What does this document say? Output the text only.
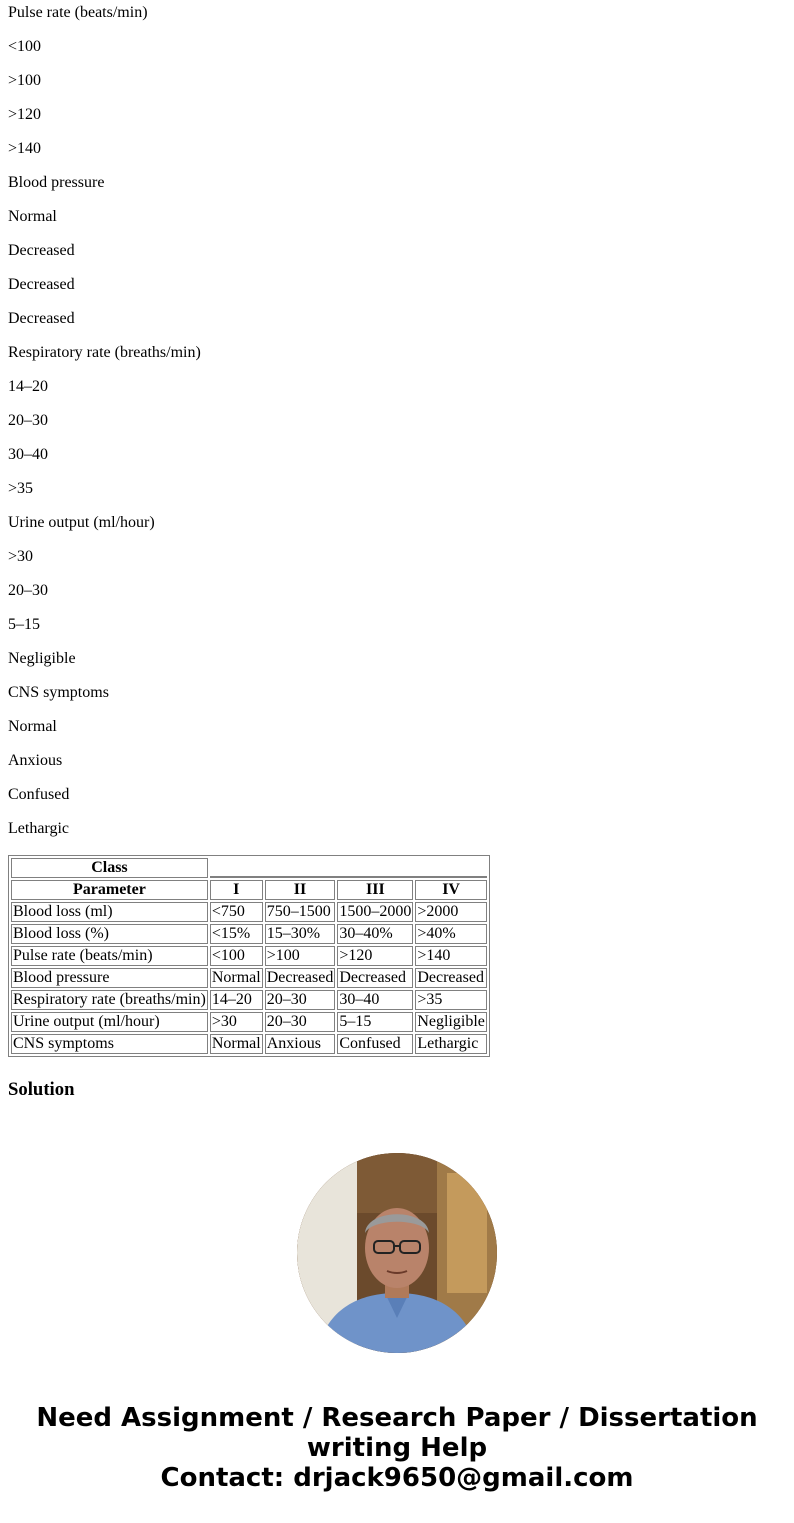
Pulse rate (beats/min)

<100

>100

>120

>140

Blood pressure

Normal

Decreased

Decreased

Decreased

Respiratory rate (breaths/min)

14–20

20–30

30–40

>35

Urine output (ml/hour)

>30

20–30

5–15

Negligible

CNS symptoms

Normal

Anxious

Confused

Lethargic

Class				
Parameter	I	II	III	IV
Blood loss (ml)	<750	750–1500	1500–2000	>2000
Blood loss (%)	<15%	15–30%	30–40%	>40%
Pulse rate (beats/min)	<100	>100	>120	>140
Blood pressure	Normal	Decreased	Decreased	Decreased
Respiratory rate (breaths/min)	14–20	20–30	30–40	>35
Urine output (ml/hour)	>30	20–30	5–15	Negligible
CNS symptoms	Normal	Anxious	Confused	Lethargic
Solution
Need Assignment / Research Paper / Dissertation
writing Help
Contact: drjack9650@gmail.com
